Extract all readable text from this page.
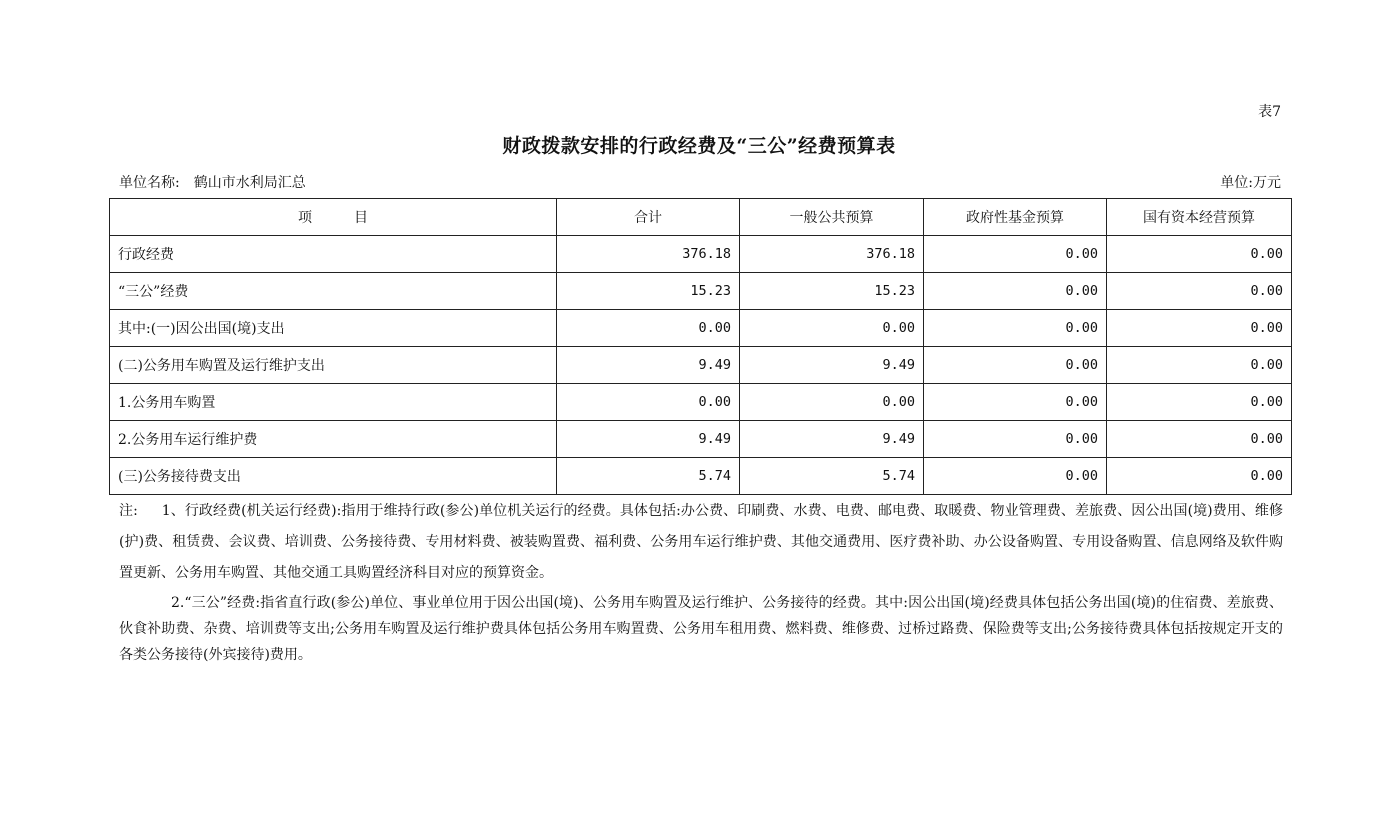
表7
财政拨款安排的行政经费及“三公”经费预算表
单位名称: 鹤山市水利局汇总	单位:万元
项　　　目	合计	一般公共预算	政府性基金预算	国有资本经营预算
行政经费	376.18	376.18	0.00	0.00
“三公”经费	15.23	15.23	0.00	0.00
其中:(一)因公出国(境)支出	0.00	0.00	0.00	0.00
(二)公务用车购置及运行维护支出	9.49	9.49	0.00	0.00
1.公务用车购置	0.00	0.00	0.00	0.00
2.公务用车运行维护费	9.49	9.49	0.00	0.00
(三)公务接待费支出	5.74	5.74	0.00	0.00

注: 1、行政经费(机关运行经费):指用于维持行政(参公)单位机关运行的经费。具体包括:办公费、印刷费、水费、电费、邮电费、取暖费、物业管理费、差旅费、因公出国(境)费用、维修(护)费、租赁费、会议费、培训费、公务接待费、专用材料费、被装购置费、福利费、公务用车运行维护费、其他交通费用、医疗费补助、办公设备购置、专用设备购置、信息网络及软件购置更新、公务用车购置、其他交通工具购置经济科目对应的预算资金。

2.“三公”经费:指省直行政(参公)单位、事业单位用于因公出国(境)、公务用车购置及运行维护、公务接待的经费。其中:因公出国(境)经费具体包括公务出国(境)的住宿费、差旅费、伙食补助费、杂费、培训费等支出;公务用车购置及运行维护费具体包括公务用车购置费、公务用车租用费、燃料费、维修费、过桥过路费、保险费等支出;公务接待费具体包括按规定开支的各类公务接待(外宾接待)费用。
